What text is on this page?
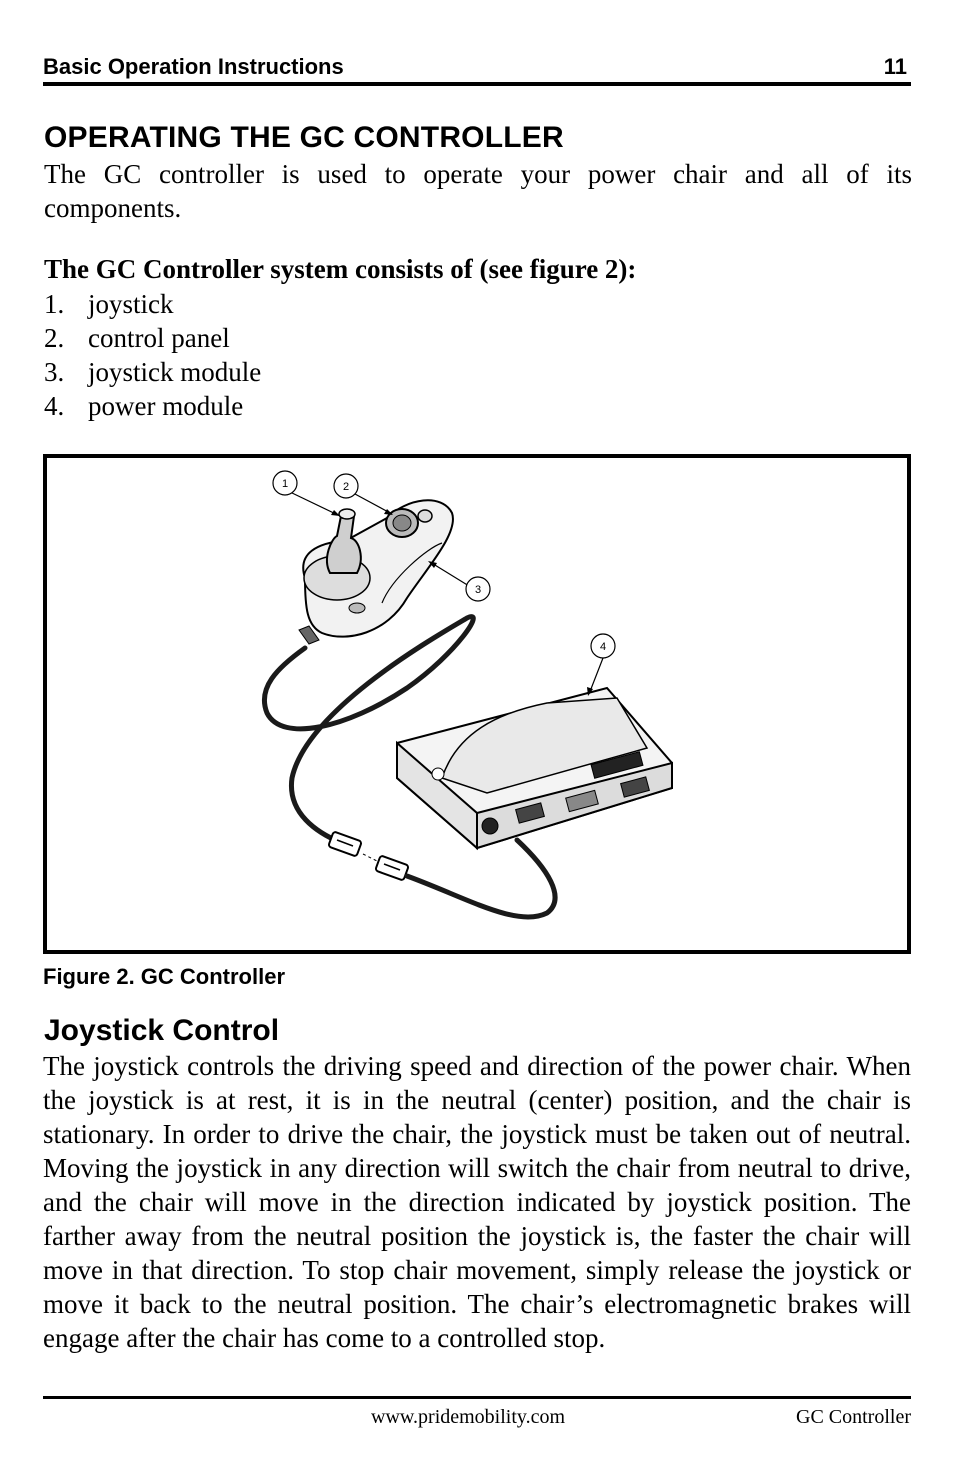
Basic Operation Instructions	11
OPERATING THE GC CONTROLLER
The GC controller is used to operate your power chair and all of its components.
The GC Controller system consists of (see figure 2):
1. joystick
2. control panel
3. joystick module
4. power module
1	2
3
4
Figure 2. GC Controller
Joystick Control
The joystick controls the driving speed and direction of the power chair. When the joystick is at rest, it is in the neutral (center) position, and the chair is stationary. In order to drive the chair, the joystick must be taken out of neutral. Moving the joystick in any direction will switch the chair from neutral to drive, and the chair will move in the direction indicated by joystick position. The farther away from the neutral position the joystick is, the faster the chair will move in that direction. To stop chair movement, simply release the joystick or move it back to the neutral position. The chair’s electromagnetic brakes will engage after the chair has come to a controlled stop.
www.pridemobility.com	GC Controller
